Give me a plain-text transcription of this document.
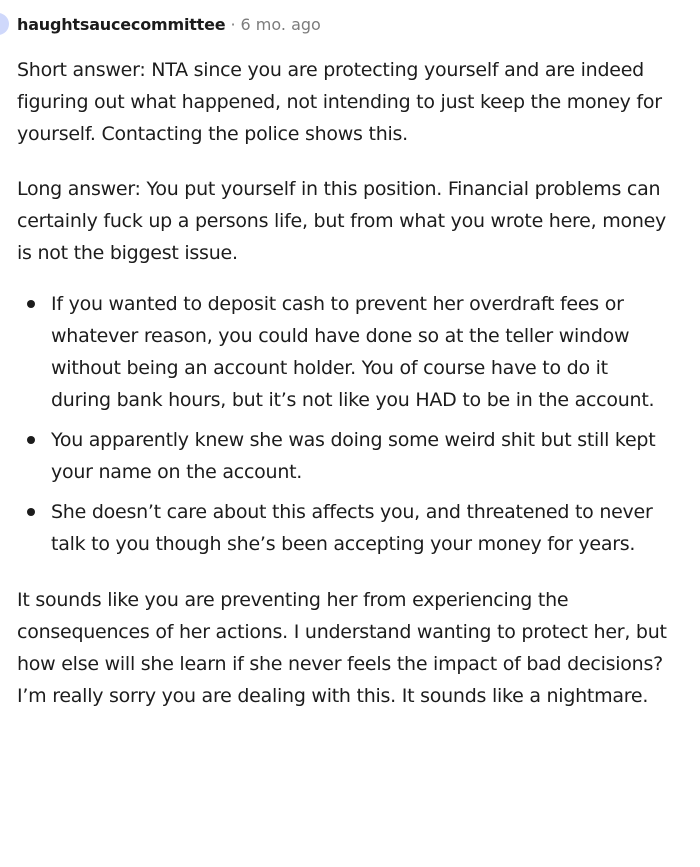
haughtsaucecommittee · 6 mo. ago

Short answer: NTA since you are protecting yourself and are indeed figuring out what happened, not intending to just keep the money for yourself. Contacting the police shows this.

Long answer: You put yourself in this position. Financial problems can certainly fuck up a persons life, but from what you wrote here, money is not the biggest issue.

If you wanted to deposit cash to prevent her overdraft fees or whatever reason, you could have done so at the teller window without being an account holder. You of course have to do it during bank hours, but it’s not like you HAD to be in the account.
You apparently knew she was doing some weird shit but still kept your name on the account.
She doesn’t care about this affects you, and threatened to never talk to you though she’s been accepting your money for years.

It sounds like you are preventing her from experiencing the consequences of her actions. I understand wanting to protect her, but how else will she learn if she never feels the impact of bad decisions? I’m really sorry you are dealing with this. It sounds like a nightmare.
